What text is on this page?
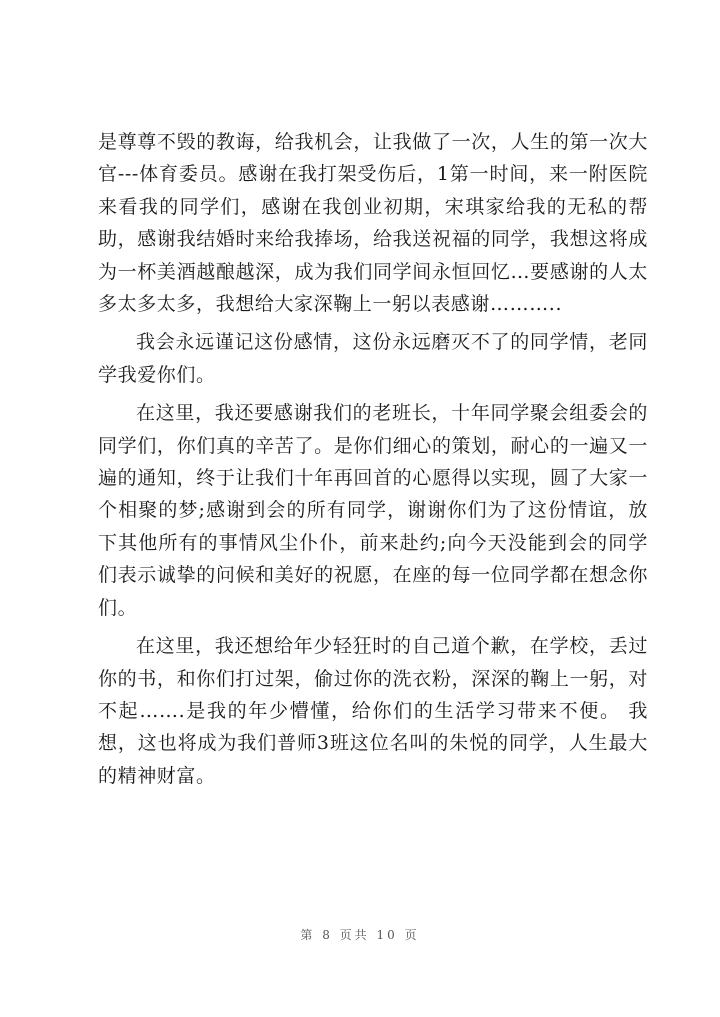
是尊尊不毁的教诲，给我机会，让我做了一次，人生的第一次大官---体育委员。感谢在我打架受伤后，1第一时间，来一附医院来看我的同学们，感谢在我创业初期，宋琪家给我的无私的帮助，感谢我结婚时来给我捧场，给我送祝福的同学，我想这将成为一杯美酒越酿越深，成为我们同学间永恒回忆…要感谢的人太多太多太多，我想给大家深鞠上一躬以表感谢………..

我会永远谨记这份感情，这份永远磨灭不了的同学情，老同学我爱你们。

在这里，我还要感谢我们的老班长，十年同学聚会组委会的同学们，你们真的辛苦了。是你们细心的策划，耐心的一遍又一遍的通知，终于让我们十年再回首的心愿得以实现，圆了大家一个相聚的梦;感谢到会的所有同学，谢谢你们为了这份情谊，放下其他所有的事情风尘仆仆，前来赴约;向今天没能到会的同学们表示诚挚的问候和美好的祝愿，在座的每一位同学都在想念你们。

在这里，我还想给年少轻狂时的自己道个歉，在学校，丢过你的书，和你们打过架，偷过你的洗衣粉，深深的鞠上一躬，对不起…….是我的年少懵懂，给你们的生活学习带来不便。 我想，这也将成为我们普师3班这位名叫的朱悦的同学，人生最大的精神财富。

第 8 页共 10 页
